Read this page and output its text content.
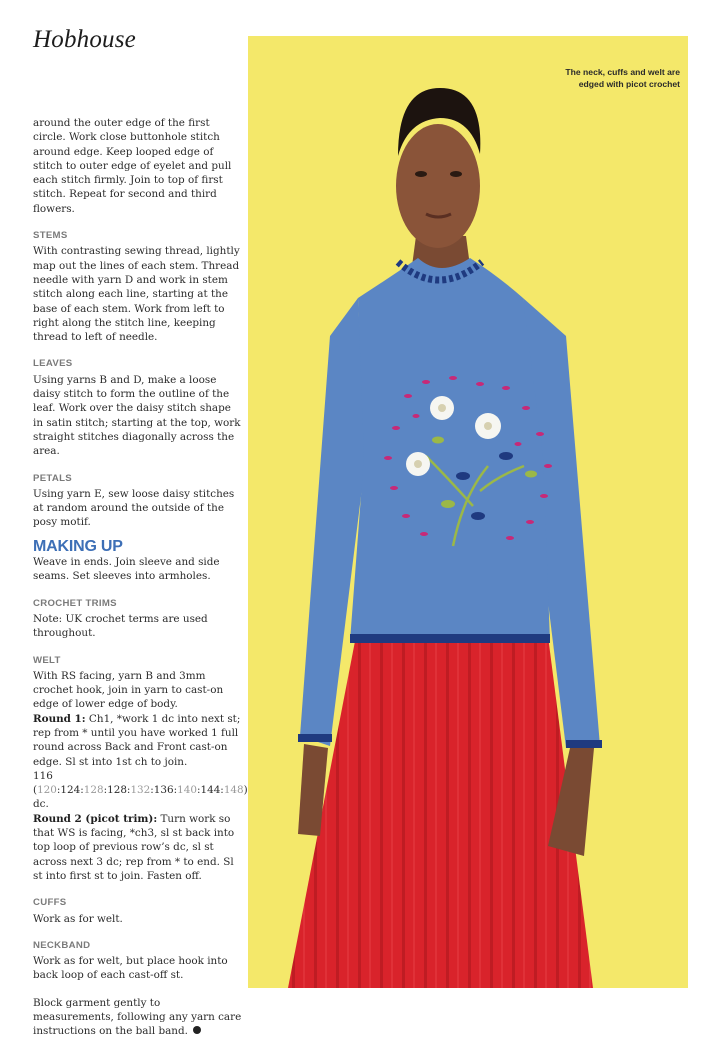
Hobhouse

around the outer edge of the first circle. Work close buttonhole stitch around edge. Keep looped edge of stitch to outer edge of eyelet and pull each stitch firmly. Join to top of first stitch. Repeat for second and third flowers.

STEMS

With contrasting sewing thread, lightly map out the lines of each stem. Thread needle with yarn D and work in stem stitch along each line, starting at the base of each stem. Work from left to right along the stitch line, keeping thread to left of needle.

LEAVES

Using yarns B and D, make a loose daisy stitch to form the outline of the leaf. Work over the daisy stitch shape in satin stitch; starting at the top, work straight stitches diagonally across the area.

PETALS

Using yarn E, sew loose daisy stitches at random around the outside of the posy motif.

MAKING UP

Weave in ends. Join sleeve and side seams. Set sleeves into armholes.

CROCHET TRIMS

Note: UK crochet terms are used throughout.

WELT

With RS facing, yarn B and 3mm crochet hook, join in yarn to cast-on edge of lower edge of body.

Round 1: Ch1, *work 1 dc into next st; rep from * until you have worked 1 full round across Back and Front cast-on edge. Sl st into 1st ch to join.

116 (120:124:128:128:132:136:140:144:148) dc.

Round 2 (picot trim): Turn work so that WS is facing, *ch3, sl st back into top loop of previous row’s dc, sl st across next 3 dc; rep from * to end. Sl st into first st to join. Fasten off.

CUFFS

Work as for welt.

NECKBAND

Work as for welt, but place hook into back loop of each cast-off st.

Block garment gently to measurements, following any yarn care instructions on the ball band.

The neck, cuffs and welt are edged with picot crochet
